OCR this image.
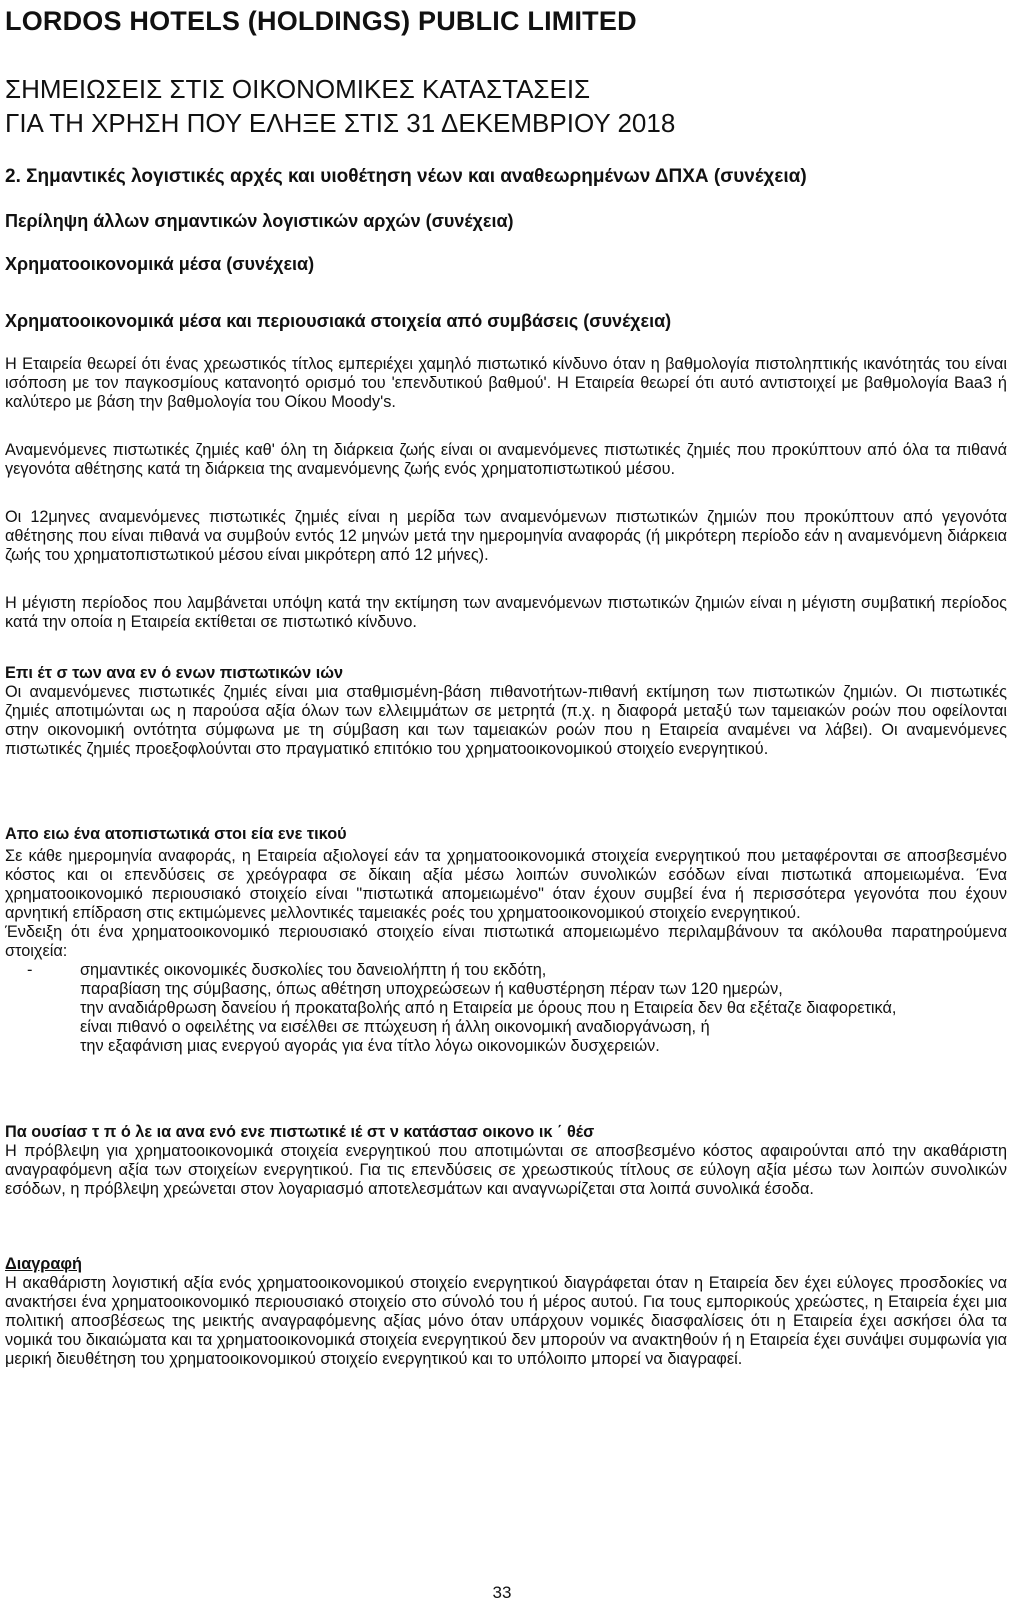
LORDOS HOTELS (HOLDINGS) PUBLIC LIMITED
ΣΗΜΕΙΩΣΕΙΣ ΣΤΙΣ ΟΙΚΟΝΟΜΙΚΕΣ ΚΑΤΑΣΤΑΣΕΙΣ
ΓΙΑ ΤΗ ΧΡΗΣΗ ΠΟΥ ΕΛΗΞΕ ΣΤΙΣ 31 ΔΕΚΕΜΒΡΙΟΥ 2018
2. Σημαντικές λογιστικές αρχές και υιοθέτηση νέων και αναθεωρημένων ΔΠΧΑ (συνέχεια)
Περίληψη άλλων σημαντικών λογιστικών αρχών (συνέχεια)
Χρηματοοικονομικά μέσα (συνέχεια)
Χρηματοοικονομικά μέσα και περιουσιακά στοιχεία από συμβάσεις (συνέχεια)
Η Εταιρεία θεωρεί ότι ένας χρεωστικός τίτλος εμπεριέχει χαμηλό πιστωτικό κίνδυνο όταν η βαθμολογία πιστοληπτικής ικανότητάς του είναι ισόποση με τον παγκοσμίους κατανοητό ορισμό του 'επενδυτικού βαθμού'. Η Εταιρεία θεωρεί ότι αυτό αντιστοιχεί με βαθμολογία Baa3 ή καλύτερο με βάση την βαθμολογία του Οίκου Moody's.
Αναμενόμενες πιστωτικές ζημιές καθ' όλη τη διάρκεια ζωής είναι οι αναμενόμενες πιστωτικές ζημιές που προκύπτουν από όλα τα πιθανά γεγονότα αθέτησης κατά τη διάρκεια της αναμενόμενης ζωής ενός χρηματοπιστωτικού μέσου.
Οι 12μηνες αναμενόμενες πιστωτικές ζημιές είναι η μερίδα των αναμενόμενων πιστωτικών ζημιών που προκύπτουν από γεγονότα αθέτησης που είναι πιθανά να συμβούν εντός 12 μηνών μετά την ημερομηνία αναφοράς (ή μικρότερη περίοδο εάν η αναμενόμενη διάρκεια ζωής του χρηματοπιστωτικού μέσου είναι μικρότερη από 12 μήνες).
Η μέγιστη περίοδος που λαμβάνεται υπόψη κατά την εκτίμηση των αναμενόμενων πιστωτικών ζημιών είναι η μέγιστη συμβατική περίοδος κατά την οποία η Εταιρεία εκτίθεται σε πιστωτικό κίνδυνο.

Επι έτ σ των ανα εν ό ενων πιστωτικών ιών

Οι αναμενόμενες πιστωτικές ζημιές είναι μια σταθμισμένη-βάση πιθανοτήτων-πιθανή εκτίμηση των πιστωτικών ζημιών. Οι πιστωτικές ζημιές αποτιμώνται ως η παρούσα αξία όλων των ελλειμμάτων σε μετρητά (π.χ. η διαφορά μεταξύ των ταμειακών ροών που οφείλονται στην οικονομική οντότητα σύμφωνα με τη σύμβαση και των ταμειακών ροών που η Εταιρεία αναμένει να λάβει). Οι αναμενόμενες πιστωτικές ζημιές προεξοφλούνται στο πραγματικό επιτόκιο του χρηματοοικονομικού στοιχείο ενεργητικού.

Απο ειω ένα ατοπιστωτικά στοι εία ενε τικού

Σε κάθε ημερομηνία αναφοράς, η Εταιρεία αξιολογεί εάν τα χρηματοοικονομικά στοιχεία ενεργητικού που μεταφέρονται σε αποσβεσμένο κόστος και οι επενδύσεις σε χρεόγραφα σε δίκαιη αξία μέσω λοιπών συνολικών εσόδων είναι πιστωτικά απομειωμένα. Ένα χρηματοοικονομικό περιουσιακό στοιχείο είναι "πιστωτικά απομειωμένο" όταν έχουν συμβεί ένα ή περισσότερα γεγονότα που έχουν αρνητική επίδραση στις εκτιμώμενες μελλοντικές ταμειακές ροές του χρηματοοικονομικού στοιχείο ενεργητικού.

Ένδειξη ότι ένα χρηματοοικονομικό περιουσιακό στοιχείο είναι πιστωτικά απομειωμένο περιλαμβάνουν τα ακόλουθα παρατηρούμενα στοιχεία:

-	σημαντικές οικονομικές δυσκολίες του δανειολήπτη ή του εκδότη,
παραβίαση της σύμβασης, όπως αθέτηση υποχρεώσεων ή καθυστέρηση πέραν των 120 ημερών,
την αναδιάρθρωση δανείου ή προκαταβολής από η Εταιρεία με όρους που η Εταιρεία δεν θα εξέταζε διαφορετικά,
είναι πιθανό ο οφειλέτης να εισέλθει σε πτώχευση ή άλλη οικονομική αναδιοργάνωση, ή
την εξαφάνιση μιας ενεργού αγοράς για ένα τίτλο λόγω οικονομικών δυσχερειών.

Πα ουσίασ τ π ό λε ια ανα ενό ενε πιστωτικέ ιέ στ ν κατάστασ οικονο ικ ΄ θέσ

Η πρόβλεψη για χρηματοοικονομικά στοιχεία ενεργητικού που αποτιμώνται σε αποσβεσμένο κόστος αφαιρούνται από την ακαθάριστη αναγραφόμενη αξία των στοιχείων ενεργητικού. Για τις επενδύσεις σε χρεωστικούς τίτλους σε εύλογη αξία μέσω των λοιπών συνολικών εσόδων, η πρόβλεψη χρεώνεται στον λογαριασμό αποτελεσμάτων και αναγνωρίζεται στα λοιπά συνολικά έσοδα.

Διαγραφή

Η ακαθάριστη λογιστική αξία ενός χρηματοοικονομικού στοιχείο ενεργητικού διαγράφεται όταν η Εταιρεία δεν έχει εύλογες προσδοκίες να ανακτήσει ένα χρηματοοικονομικό περιουσιακό στοιχείο στο σύνολό του ή μέρος αυτού. Για τους εμπορικούς χρεώστες, η Εταιρεία έχει μια πολιτική αποσβέσεως της μεικτής αναγραφόμενης αξίας μόνο όταν υπάρχουν νομικές διασφαλίσεις ότι η Εταιρεία έχει ασκήσει όλα τα νομικά του δικαιώματα και τα χρηματοοικονομικά στοιχεία ενεργητικού δεν μπορούν να ανακτηθούν ή η Εταιρεία έχει συνάψει συμφωνία για μερική διευθέτηση του χρηματοοικονομικού στοιχείο ενεργητικού και το υπόλοιπο μπορεί να διαγραφεί.

33
